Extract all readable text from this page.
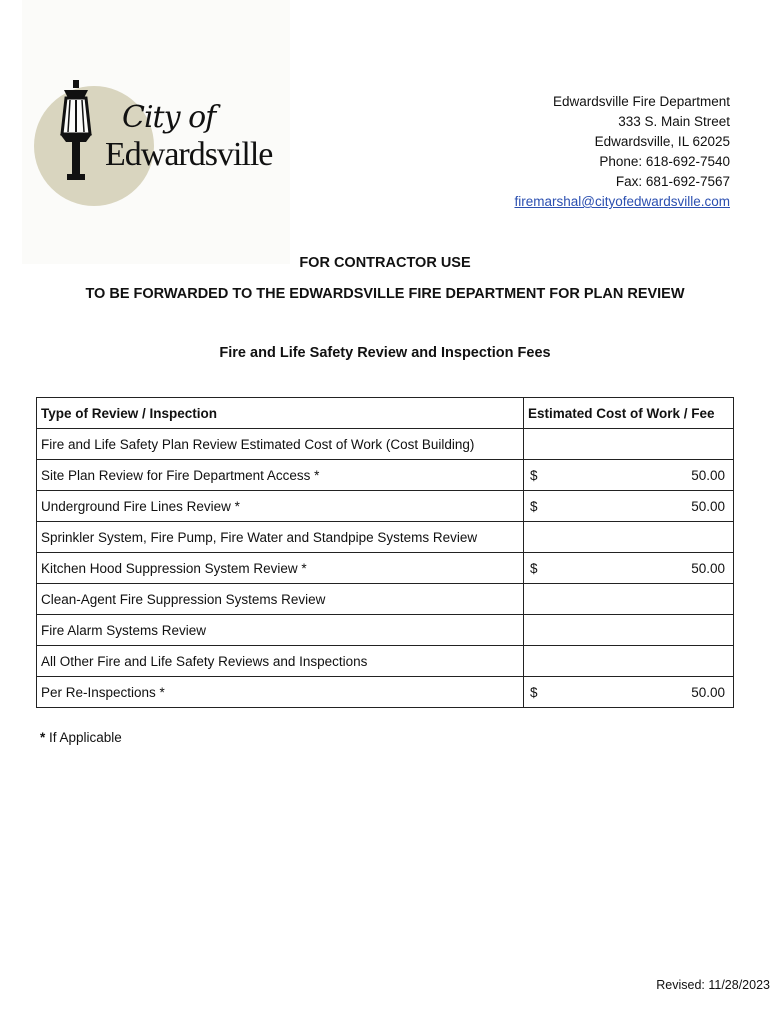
City of
Edwardsville
Edwardsville Fire Department
333 S. Main Street
Edwardsville, IL 62025
Phone: 618-692-7540
Fax: 681-692-7567
firemarshal@cityofedwardsville.com
FOR CONTRACTOR USE
TO BE FORWARDED TO THE EDWARDSVILLE FIRE DEPARTMENT FOR PLAN REVIEW
Fire and Life Safety Review and Inspection Fees
Type of Review / Inspection	Estimated Cost of Work / Fee
Fire and Life Safety Plan Review Estimated Cost of Work (Cost Building)	

Site Plan Review for Fire Department Access *	$ 50.00

Underground Fire Lines Review *	$ 50.00

Sprinkler System, Fire Pump, Fire Water and Standpipe Systems Review	

Kitchen Hood Suppression System Review *	$ 50.00

Clean-Agent Fire Suppression Systems Review	

Fire Alarm Systems Review	

All Other Fire and Life Safety Reviews and Inspections	

Per Re-Inspections *	$ 50.00
* If Applicable
Revised: 11/28/2023
